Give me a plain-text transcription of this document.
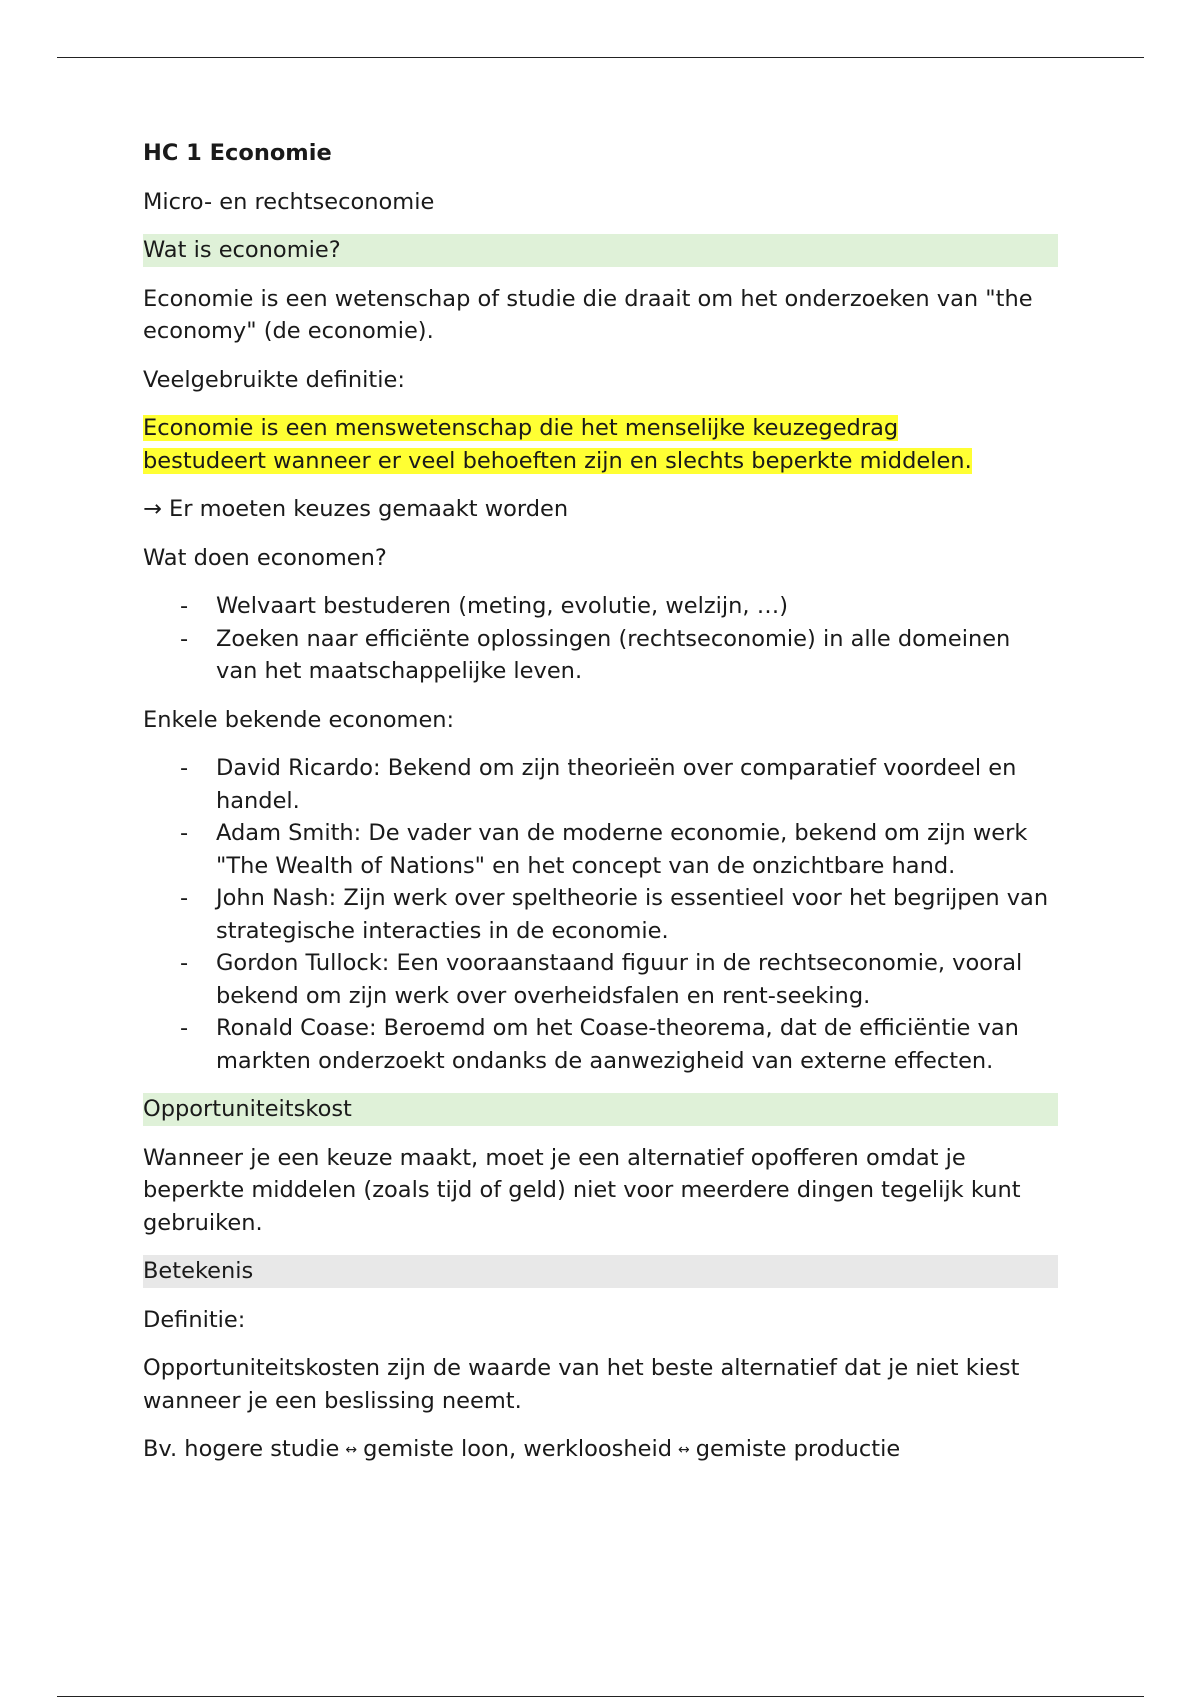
HC 1 Economie

Micro- en rechtseconomie

Wat is economie?

Economie is een wetenschap of studie die draait om het onderzoeken van "the economy" (de economie).

Veelgebruikte definitie:

Economie is een menswetenschap die het menselijke keuzegedrag
bestudeert wanneer er veel behoeften zijn en slechts beperkte middelen.

→ Er moeten keuzes gemaakt worden

Wat doen economen?

- Welvaart bestuderen (meting, evolutie, welzijn, …)
- Zoeken naar efficiënte oplossingen (rechtseconomie) in alle domeinen van het maatschappelijke leven.

Enkele bekende economen:

- David Ricardo: Bekend om zijn theorieën over comparatief voordeel en handel.
- Adam Smith: De vader van de moderne economie, bekend om zijn werk "The Wealth of Nations" en het concept van de onzichtbare hand.
- John Nash: Zijn werk over speltheorie is essentieel voor het begrijpen van strategische interacties in de economie.
- Gordon Tullock: Een vooraanstaand figuur in de rechtseconomie, vooral bekend om zijn werk over overheidsfalen en rent-seeking.
- Ronald Coase: Beroemd om het Coase-theorema, dat de efficiëntie van markten onderzoekt ondanks de aanwezigheid van externe effecten.
Opportuniteitskost

Wanneer je een keuze maakt, moet je een alternatief opofferen omdat je beperkte middelen (zoals tijd of geld) niet voor meerdere dingen tegelijk kunt gebruiken.

Betekenis

Definitie:

Opportuniteitskosten zijn de waarde van het beste alternatief dat je niet kiest wanneer je een beslissing neemt.

Bv. hogere studie ↔ gemiste loon, werkloosheid ↔ gemiste productie
